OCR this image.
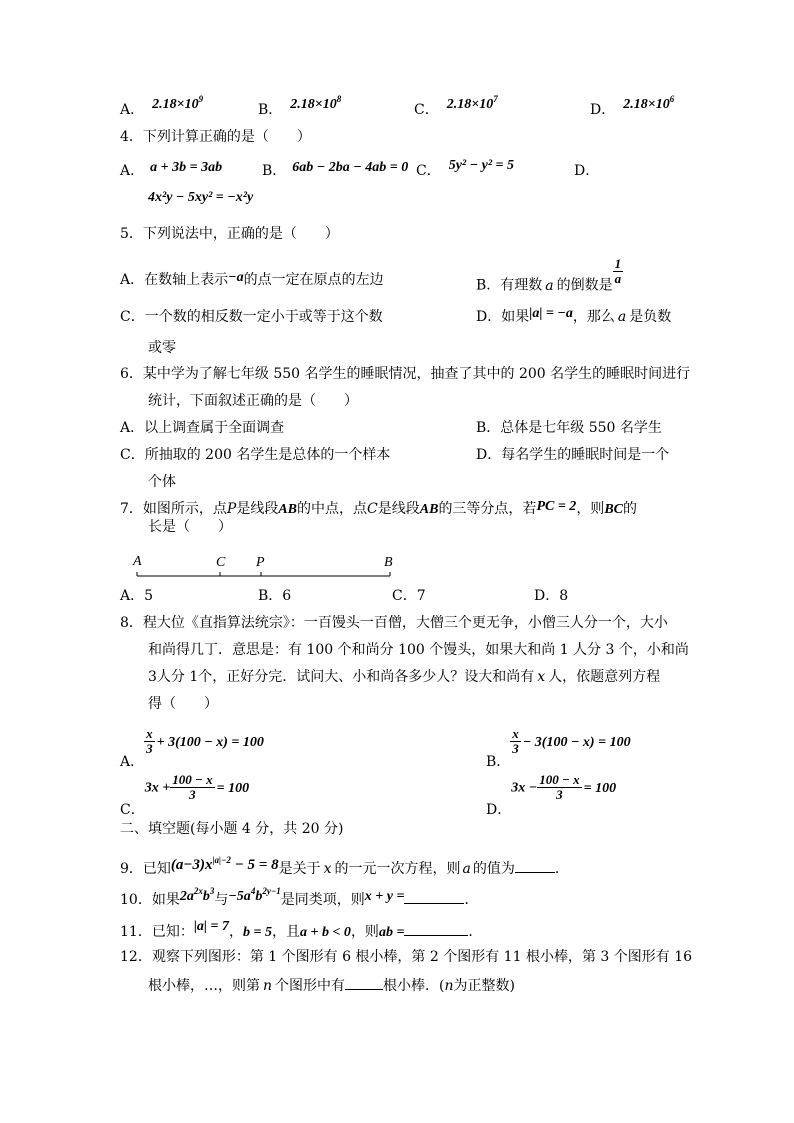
A． $2.18\times 10^9$
B． $2.18\times 10^8$
C． $2.18\times 10^7$
D． $2.18\times 10^6$
4．下列计算正确的是（　　）
A． a + 3b = 3ab	B． 6ab − 2ba − 4ab = 0 C． 5y² − y² = 5	D．
4x²y − 5xy² = −x²y
5．下列说法中，正确的是（　　）
A．在数轴上表示−a的点一定在原点的左边	B．有理数 a 的倒数是 $\frac{1}{a}$
C．一个数的相反数一定小于或等于这个数	D．如果|a| = −a，那么 a 是负数
或零
6．某中学为了解七年级 550 名学生的睡眠情况，抽查了其中的 200 名学生的睡眠时间进行
统计，下面叙述正确的是（　　）
A．以上调查属于全面调查	B．总体是七年级 550 名学生
C．所抽取的 200 名学生是总体的一个样本	D．每名学生的睡眠时间是一个
个体
7．如图所示，点P是线段AB的中点，点C是线段AB的三等分点，若PC = 2，则BC的
长是（　　）
A	C P	B
A．5	B．6	C．7	D．8
8．程大位《直指算法统宗》：一百馒头一百僧，大僧三个更无争，小僧三人分一个，大小
和尚得几丁．意思是：有 100 个和尚分 100 个馒头，如果大和尚 1 人分 3 个，小和尚
3人分 1个，正好分完．试问大、小和尚各多少人？设大和尚有 x 人，依题意列方程
得（　　）
A．
$\frac{x}{3} + 3(100 - x) = 100$
B．
$\frac{x}{3} - 3(100 - x) = 100$
C．$3x + \frac{100 - x}{3} = 100$
D．$3x - \frac{100 - x}{3} = 100$
二、填空题(每小题 4 分，共 20 分)
9．已知$(a-3)x^{|a|-2} - 5 = 8$是关于 x 的一元一次方程，则 a 的值为	．
10．如果$2a^{2x}b^3$与$-5a^4b^{2y-1}$是同类项，则x + y =	．
11．已知：|a| = 7，b = 5，且a + b < 0，则ab =	．
12．观察下列图形：第 1 个图形有 6 根小棒，第 2 个图形有 11 根小棒，第 3 个图形有 16
根小棒，…，则第 n 个图形中有	根小棒．(n为正整数)
